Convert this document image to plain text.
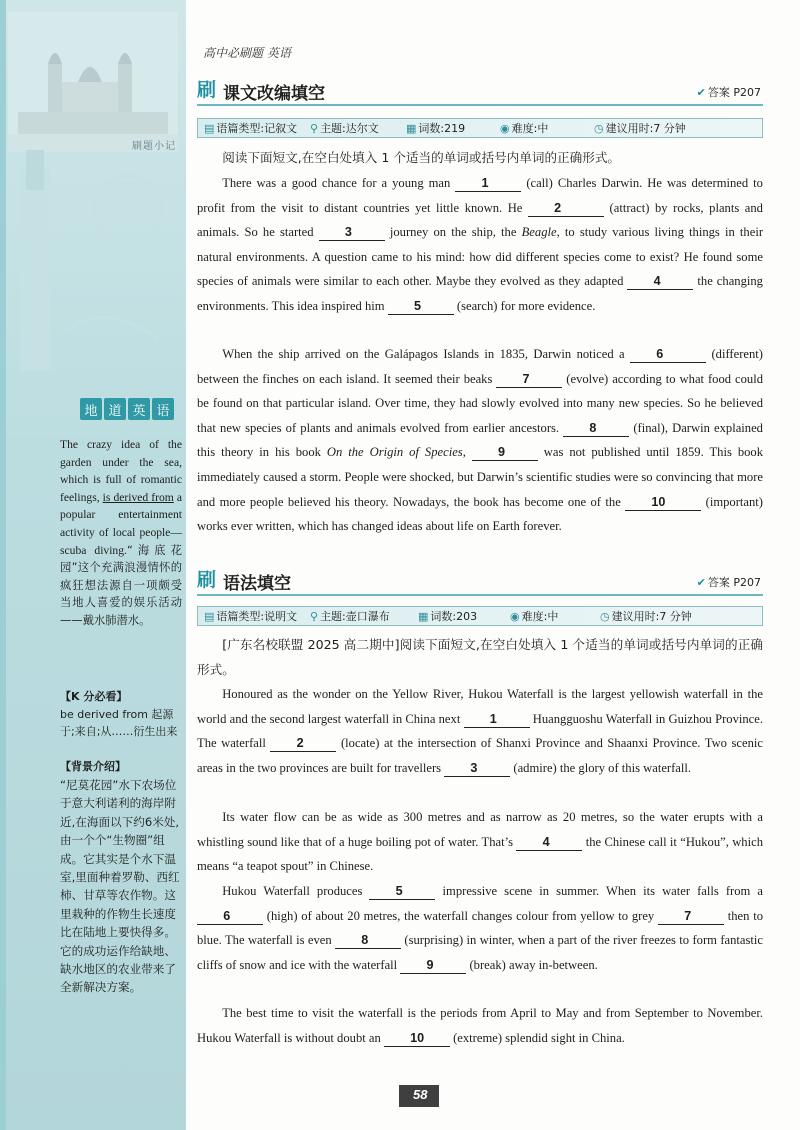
刷题小记
地 道 英 语
The crazy idea of the garden under the sea, which is full of romantic feelings, is derived from a popular entertainment activity of local people—scuba diving.“海底花园”这个充满浪漫情怀的疯狂想法源自一项颇受当地人喜爱的娱乐活动——戴水肺潜水。
【K 分必看】
be derived from 起源于;来自;从……衍生出来
【背景介绍】
“尼莫花园”水下农场位于意大利诺利的海岸附近,在海面以下约6米处,由一个个“生物圈”组成。它其实是个水下温室,里面种着罗勒、西红柿、甘草等农作物。这里栽种的作物生长速度比在陆地上要快得多。它的成功运作给缺地、缺水地区的农业带来了全新解决方案。
高中必刷题 英语
刷 课文改编填空	✔ 答案 P207
▤ 语篇类型:记叙文	⚲ 主题:达尔文	▦ 词数:219	◉ 难度:中	◷ 建议用时:7 分钟
阅读下面短文,在空白处填入 1 个适当的单词或括号内单词的正确形式。
There was a good chance for a young man 1	(call) Charles Darwin. He was determined to profit from the visit to distant countries yet little known. He 2	(attract) by rocks, plants and animals. So he started 3	journey on the ship, the Beagle, to study various living things in their natural environments. A question came to his mind: how did different species come to exist? He found some species of animals were similar to each other. Maybe they evolved as they adapted 4	the changing environments. This idea inspired him 5	(search) for more evidence.
When the ship arrived on the Galápagos Islands in 1835, Darwin noticed a 6	(different) between the finches on each island. It seemed their beaks 7	(evolve) according to what food could be found on that particular island. Over time, they had slowly evolved into many new species. So he believed that new species of plants and animals evolved from earlier ancestors. 8	(final), Darwin explained this theory in his book On the Origin of Species, 9	was not published until 1859. This book immediately caused a storm. People were shocked, but Darwin’s scientific studies were so convincing that more and more people believed his theory. Nowadays, the book has become one of the 10	(important) works ever written, which has changed ideas about life on Earth forever.
刷 语法填空	✔ 答案 P207
▤ 语篇类型:说明文	⚲ 主题:壶口瀑布	▦ 词数:203	◉ 难度:中	◷ 建议用时:7 分钟
[广东名校联盟 2025 高二期中]阅读下面短文,在空白处填入 1 个适当的单词或括号内单词的正确形式。
Honoured as the wonder on the Yellow River, Hukou Waterfall is the largest yellowish waterfall in the world and the second largest waterfall in China next 1	Huangguoshu Waterfall in Guizhou Province. The waterfall 2	(locate) at the intersection of Shanxi Province and Shaanxi Province. Two scenic areas in the two provinces are built for travellers 3	(admire) the glory of this waterfall.
Its water flow can be as wide as 300 metres and as narrow as 20 metres, so the water erupts with a whistling sound like that of a huge boiling pot of water. That’s 4	the Chinese call it “Hukou”, which means “a teapot spout” in Chinese.
Hukou Waterfall produces 5	impressive scene in summer. When its water falls from a 6	(high) of about 20 metres, the waterfall changes colour from yellow to grey 7	then to blue. The waterfall is even 8	(surprising) in winter, when a part of the river freezes to form fantastic cliffs of snow and ice with the waterfall 9	(break) away in-between.
The best time to visit the waterfall is the periods from April to May and from September to November. Hukou Waterfall is without doubt an 10 (extreme) splendid sight in China.
58
